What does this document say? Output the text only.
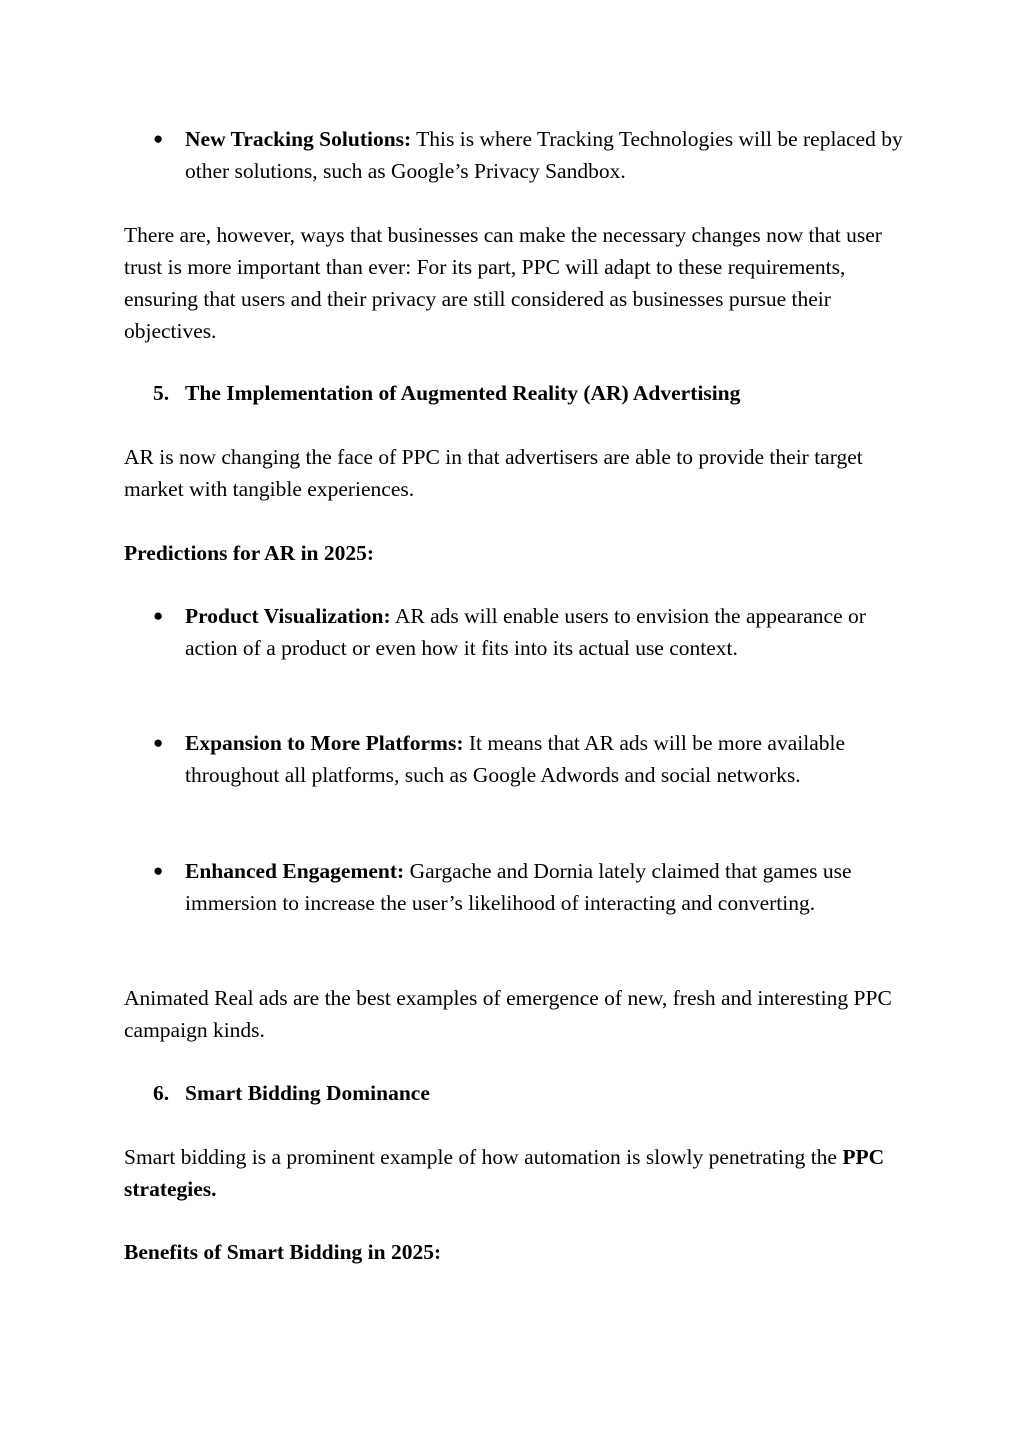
● New Tracking Solutions: This is where Tracking Technologies will be replaced by other solutions, such as Google’s Privacy Sandbox.

There are, however, ways that businesses can make the necessary changes now that user trust is more important than ever: For its part, PPC will adapt to these requirements, ensuring that users and their privacy are still considered as businesses pursue their objectives.

5. The Implementation of Augmented Reality (AR) Advertising

AR is now changing the face of PPC in that advertisers are able to provide their target market with tangible experiences.

Predictions for AR in 2025:

● Product Visualization: AR ads will enable users to envision the appearance or action of a product or even how it fits into its actual use context.

● Expansion to More Platforms: It means that AR ads will be more available throughout all platforms, such as Google Adwords and social networks.

● Enhanced Engagement: Gargache and Dornia lately claimed that games use immersion to increase the user’s likelihood of interacting and converting.

Animated Real ads are the best examples of emergence of new, fresh and interesting PPC campaign kinds.

6. Smart Bidding Dominance

Smart bidding is a prominent example of how automation is slowly penetrating the PPC strategies.

Benefits of Smart Bidding in 2025:
